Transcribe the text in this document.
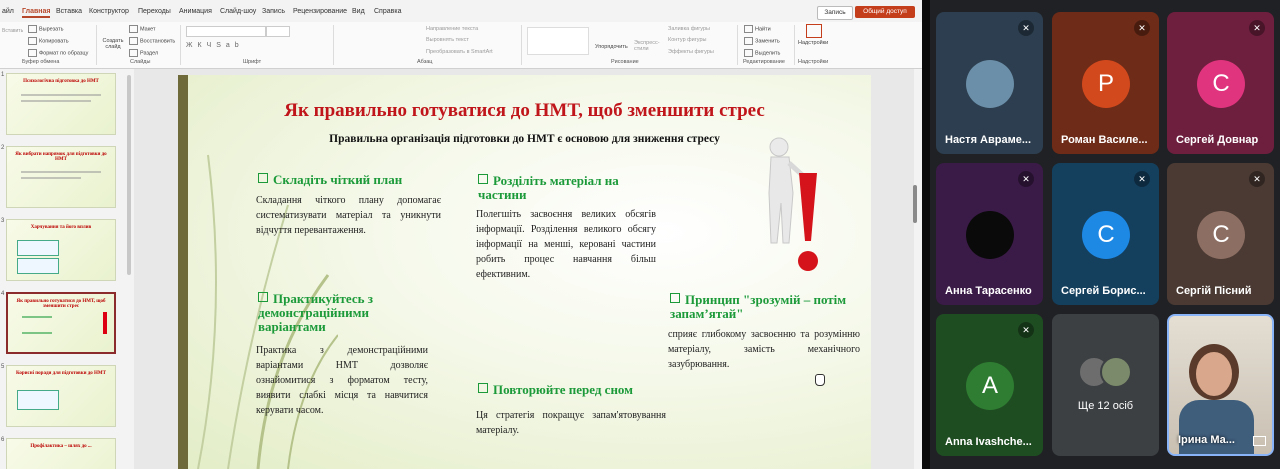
айл Главная Вставка Конструктор Переходы Анимация Слайд-шоу Запись Рецензирование Вид Справка	Запись	Общий доступ
Вставить	Вырезать
Копировать
Формат по образцу
Буфер обмена
Создать слайд
Макет
Восстановить
Раздел
Слайды
ЖКЧSab
Шрифт
Направление текста
Выровнять текст
Преобразовать в SmartArt
Абзац
Упорядочить
Экспресс-стили
Заливка фигуры
Контур фигуры
Эффекты фигуры
Рисование
Найти
Заменить
Выделить
Редактирование
Надстройки
Надстройки
1
Психологічна підготовка до НМТ
2
Як вибрати напрямок для підготовки до НМТ
3
Харчування та його вплив
4
Як правильно готуватися до НМТ, щоб зменшити стрес
5
Корисні поради для підготовки до НМТ
6
Профілактика – шлях до ...
Як правильно готуватися до НМТ, щоб зменшити стрес
Правильна організація підготовки до НМТ є основою для зниження стресу
Складіть чіткий план
Складання чіткого плану допомагає систематизувати матеріал та уникнути відчуття перевантаження.
Розділіть матеріал на частини
Полегшіть засвоєння великих обсягів інформації. Розділення великого обсягу інформації на менші, керовані частини робить процес навчання більш ефективним.
Практикуйтесь з демонстраційними варіантами
Практика з демонстраційними варіантами НМТ дозволяє ознайомитися з форматом тесту, виявити слабкі місця та навчитися керувати часом.
Принцип "зрозумій – потім запам’ятай"
сприяє глибокому засвоєнню та розумінню матеріалу, замість механічного зазубрювання.
Повторюйте перед сном
Ця стратегія покращує запам'ятовування матеріалу.
✕
Настя Авраме...
P
✕
Роман Василе...
C
✕
Сергей Довнар
✕
Анна Тарасенко
C
✕
Сергей Борис...
C
✕
Сергій Пісний
A
✕
Anna Ivashche...
Ще 12 осіб
Ірина Ма...
